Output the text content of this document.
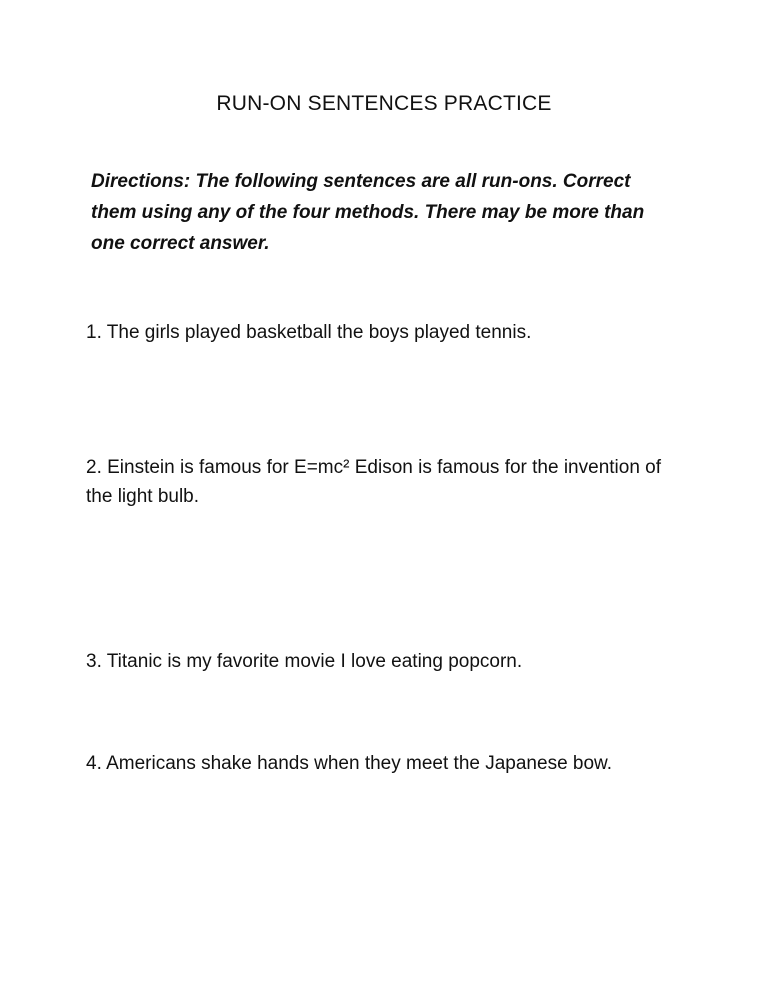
RUN-ON SENTENCES PRACTICE
Directions: The following sentences are all run-ons. Correct them using any of the four methods. There may be more than one correct answer.
1. The girls played basketball the boys played tennis.
2. Einstein is famous for E=mc² Edison is famous for the invention of the light bulb.
3. Titanic is my favorite movie I love eating popcorn.
4. Americans shake hands when they meet the Japanese bow.
